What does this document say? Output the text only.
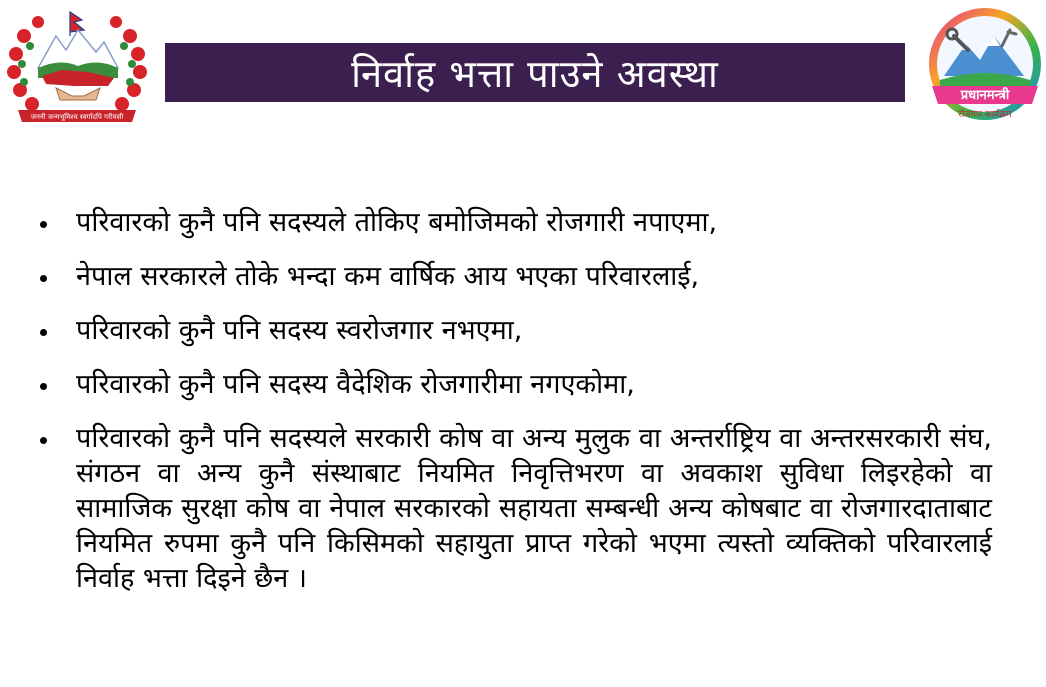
जननी जन्मभूमिश्च स्वर्गादपि गरीयसी
निर्वाह भत्ता पाउने अवस्था	प्रधानमन्त्री
रोजगार कार्यक्रम
परिवारको कुनै पनि सदस्यले तोकिए बमोजिमको रोजगारी नपाएमा,
नेपाल सरकारले तोके भन्दा कम वार्षिक आय भएका परिवारलाई,
परिवारको कुनै पनि सदस्य स्वरोजगार नभएमा,
परिवारको कुनै पनि सदस्य वैदेशिक रोजगारीमा नगएकोमा,
परिवारको कुनै पनि सदस्यले सरकारी कोष वा अन्य मुलुक वा अन्तर्राष्ट्रिय वा अन्तरसरकारी संघ, संगठन वा अन्य कुनै संस्थाबाट नियमित निवृत्तिभरण वा अवकाश सुविधा लिइरहेको वा सामाजिक सुरक्षा कोष वा नेपाल सरकारको सहायता सम्बन्धी अन्य कोषबाट वा रोजगारदाताबाट नियमित रुपमा कुनै पनि किसिमको सहायुता प्राप्त गरेको भएमा त्यस्तो व्यक्तिको परिवारलाई निर्वाह भत्ता दिइने छैन ।
